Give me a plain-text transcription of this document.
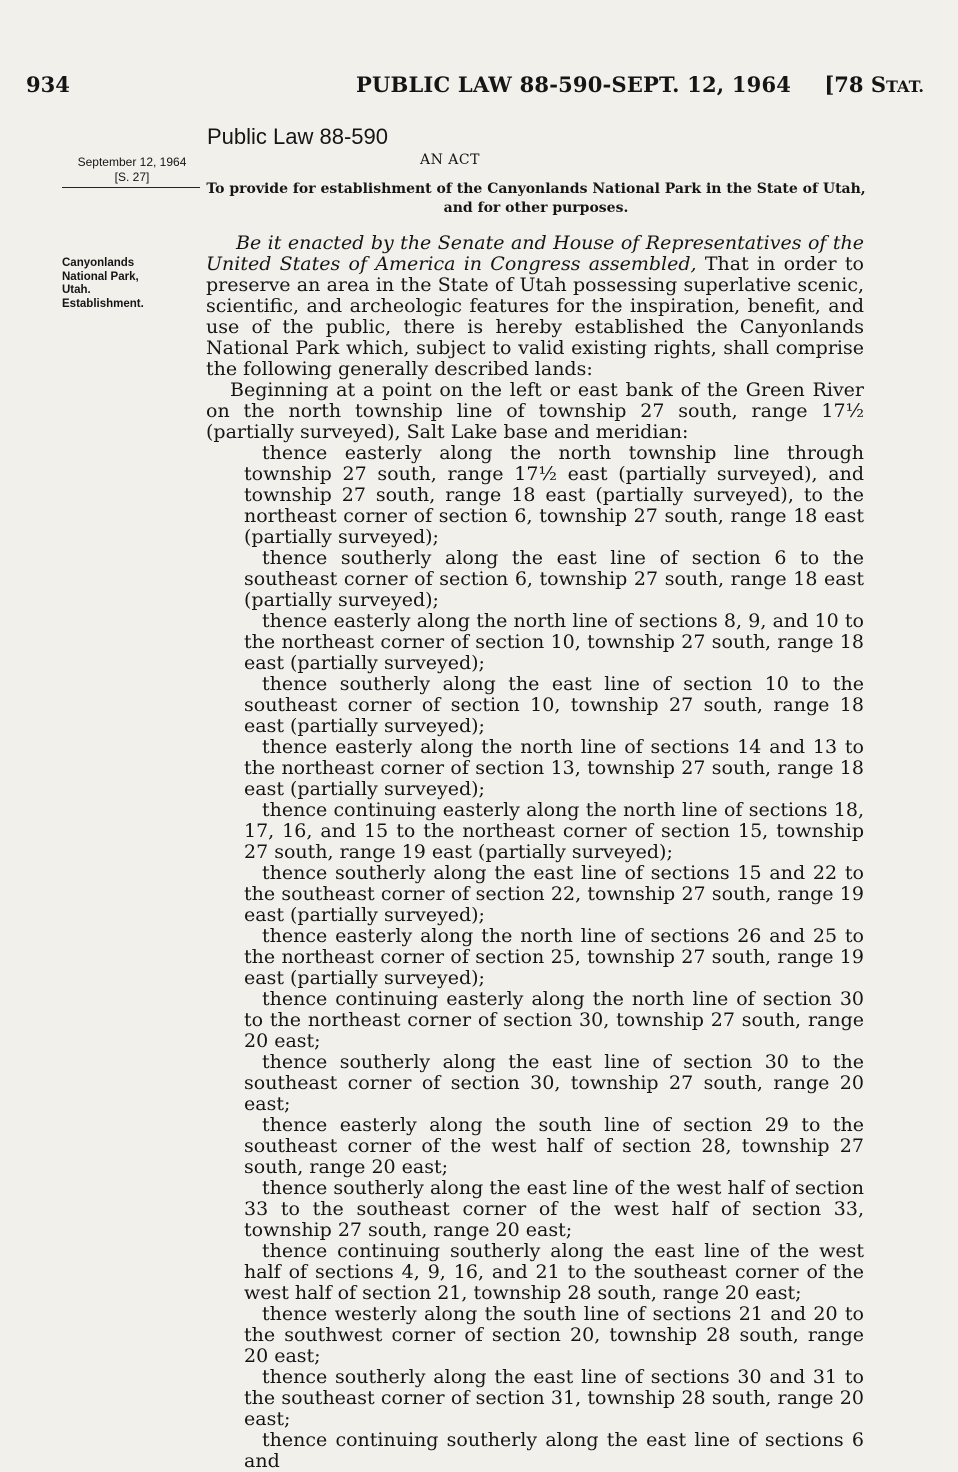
934	PUBLIC LAW 88-590-SEPT. 12, 1964 [78 STAT.
Public Law 88-590
September 12, 1964
[S. 27]
AN ACT
To provide for establishment of the Canyonlands National Park in the State of Utah, and for other purposes.
Canyonlands
National Park,
Utah.
Establishment.

Be it enacted by the Senate and House of Representatives of the United States of America in Congress assembled, That in order to preserve an area in the State of Utah possessing superlative scenic, scientific, and archeologic features for the inspiration, benefit, and use of the public, there is hereby established the Canyonlands National Park which, subject to valid existing rights, shall comprise the following generally described lands:

Beginning at a point on the left or east bank of the Green River on the north township line of township 27 south, range 17½ (partially surveyed), Salt Lake base and meridian:

thence easterly along the north township line through township 27 south, range 17½ east (partially surveyed), and township 27 south, range 18 east (partially surveyed), to the northeast corner of section 6, township 27 south, range 18 east (partially surveyed);

thence southerly along the east line of section 6 to the southeast corner of section 6, township 27 south, range 18 east (partially surveyed);

thence easterly along the north line of sections 8, 9, and 10 to the northeast corner of section 10, township 27 south, range 18 east (partially surveyed);

thence southerly along the east line of section 10 to the southeast corner of section 10, township 27 south, range 18 east (partially surveyed);

thence easterly along the north line of sections 14 and 13 to the northeast corner of section 13, township 27 south, range 18 east (partially surveyed);

thence continuing easterly along the north line of sections 18, 17, 16, and 15 to the northeast corner of section 15, township 27 south, range 19 east (partially surveyed);

thence southerly along the east line of sections 15 and 22 to the southeast corner of section 22, township 27 south, range 19 east (partially surveyed);

thence easterly along the north line of sections 26 and 25 to the northeast corner of section 25, township 27 south, range 19 east (partially surveyed);

thence continuing easterly along the north line of section 30 to the northeast corner of section 30, township 27 south, range 20 east;

thence southerly along the east line of section 30 to the southeast corner of section 30, township 27 south, range 20 east;

thence easterly along the south line of section 29 to the southeast corner of the west half of section 28, township 27 south, range 20 east;

thence southerly along the east line of the west half of section 33 to the southeast corner of the west half of section 33, township 27 south, range 20 east;

thence continuing southerly along the east line of the west half of sections 4, 9, 16, and 21 to the southeast corner of the west half of section 21, township 28 south, range 20 east;

thence westerly along the south line of sections 21 and 20 to the southwest corner of section 20, township 28 south, range 20 east;

thence southerly along the east line of sections 30 and 31 to the southeast corner of section 31, township 28 south, range 20 east;

thence continuing southerly along the east line of sections 6 and
